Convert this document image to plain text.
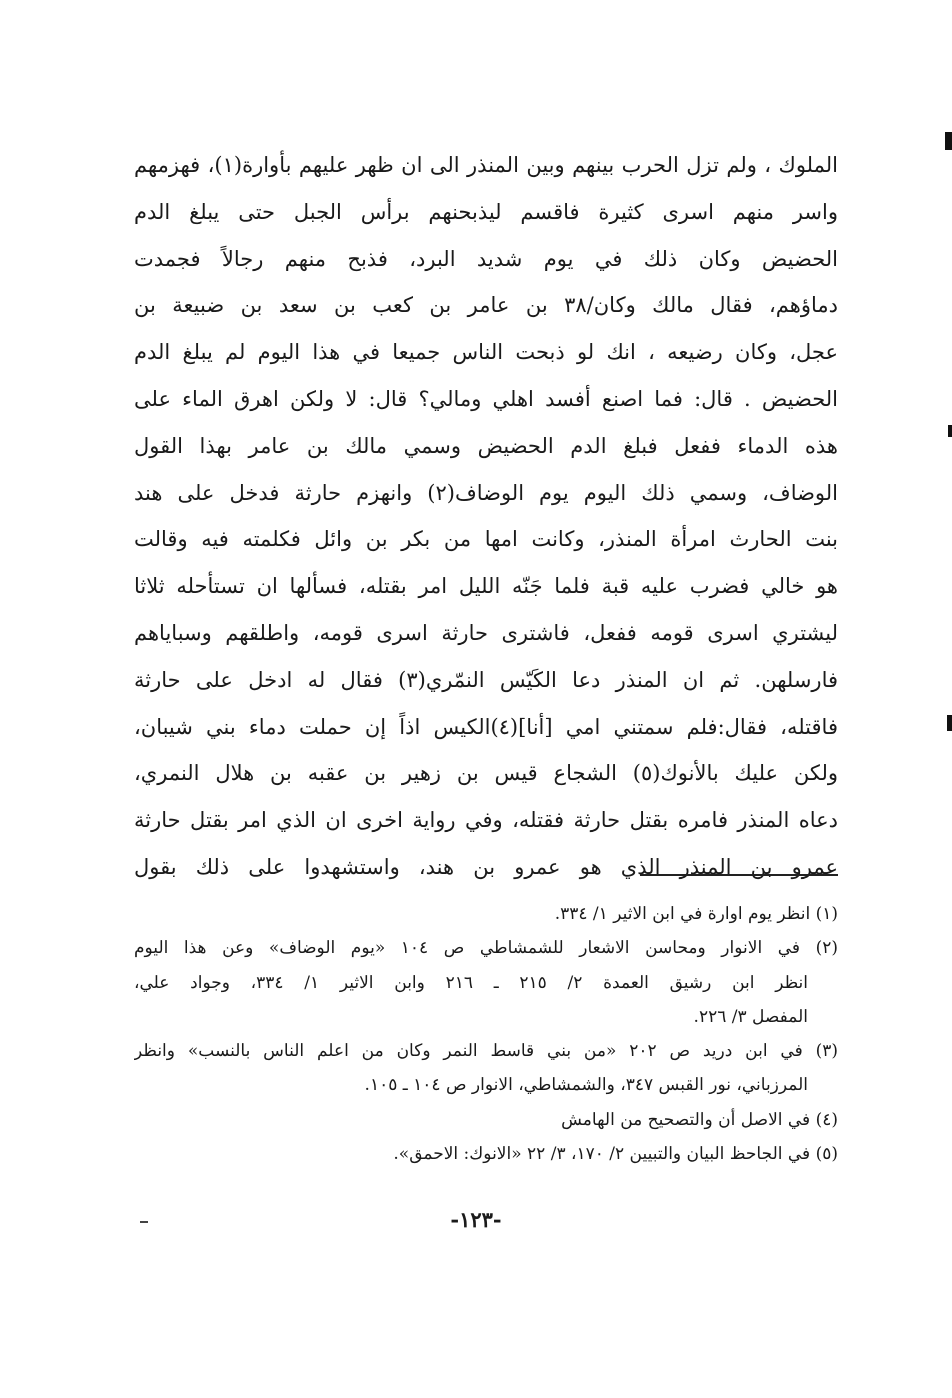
الملوك ، ولم تزل الحرب بينهم وبين المنذر الى ان ظهر عليهم بأوارة(١)، فهزمهم
واسر منهم اسرى كثيرة فاقسم ليذبحنهم برأس الجبل حتى يبلغ الدم
الحضيض وكان ذلك في يوم شديد البرد، فذبح منهم رجالاً فجمدت
دماؤهم، فقال مالك وكان/٣٨ بن عامر بن كعب بن سعد بن ضبيعة بن
عجل، وكان رضيعه ، انك لو ذبحت الناس جميعا في هذا اليوم لم يبلغ الدم
الحضيض . قال: فما اصنع أفسد اهلي ومالي؟ قال: لا ولكن اهرق الماء على
هذه الدماء ففعل فبلغ الدم الحضيض وسمي مالك بن عامر بهذا القول
الوضاف، وسمي ذلك اليوم يوم الوضاف(٢) وانهزم حارثة فدخل على هند
بنت الحارث امرأة المنذر، وكانت امها من بكر بن وائل فكلمته فيه وقالت
هو خالي فضرب عليه قبة فلما جَنّه الليل امر بقتله، فسألها ان تستأحله ثلاثا
ليشتري اسرى قومه ففعل، فاشترى حارثة اسرى قومه، واطلقهم وسباياهم
فارسلهن. ثم ان المنذر دعا الكَيّس النمّري(٣) فقال له ادخل على حارثة
فاقتله، فقال:فلم سمتني امي [أنا](٤)الكيس اذاً إن حملت دماء بني شيبان،
ولكن عليك بالأنوك(٥) الشجاع قيس بن زهير بن عقبه بن هلال النمري،
دعاه المنذر فامره بقتل حارثة فقتله، وفي رواية اخرى ان الذي امر بقتل حارثة
عمرو بن المنذر الذي هو عمرو بن هند، واستشهدوا على ذلك بقول
(١) انظر يوم اوارة في ابن الاثير ١/ ٣٣٤.
(٢) في الانوار ومحاسن الاشعار للشمشاطي ص ١٠٤ «يوم الوضاف» وعن هذا اليوم
انظر ابن رشيق العمدة ٢/ ٢١٥ ـ ٢١٦ وابن الاثير ١/ ٣٣٤، وجواد علي،
المفصل ٣/ ٢٢٦.
(٣) في ابن دريد ص ٢٠٢ «من بني قاسط النمر وكان من اعلم الناس بالنسب» وانظر
المرزباني، نور القبس ٣٤٧، والشمشاطي، الانوار ص ١٠٤ ـ ١٠٥.
(٤) في الاصل أن والتصحيح من الهامش
(٥) في الجاحظ البيان والتبيين ٢/ ١٧٠، ٣/ ٢٢ «الانوك: الاحمق».
-١٢٣-
